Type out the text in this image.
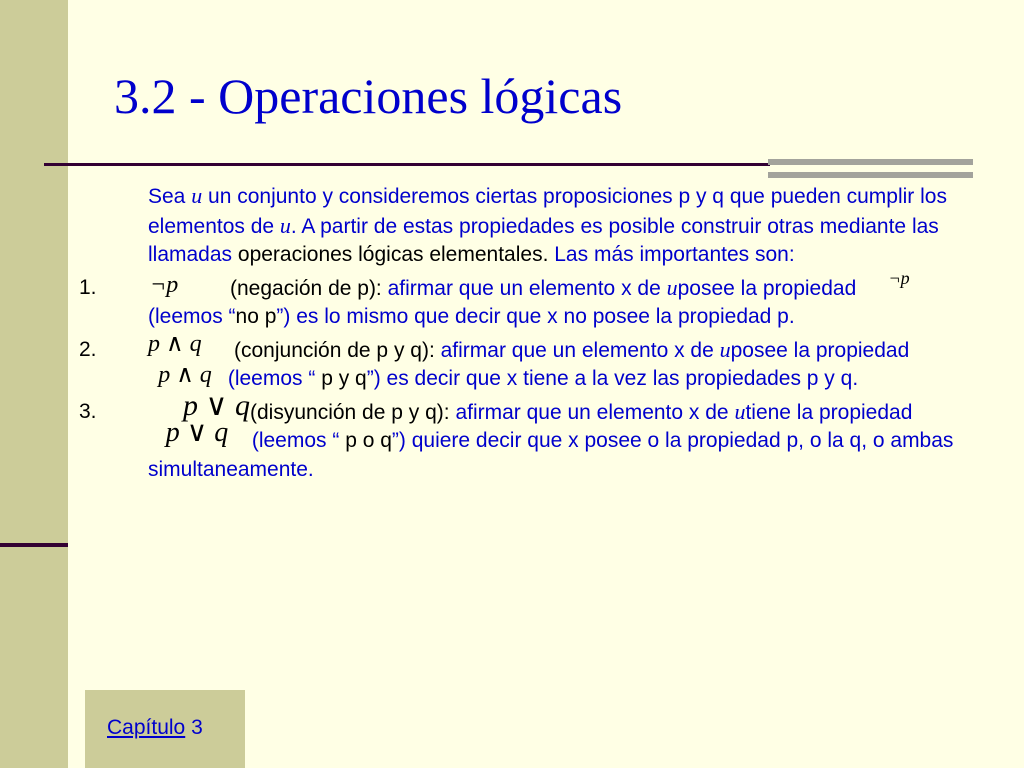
3.2 - Operaciones lógicas
Sea u un conjunto y consideremos ciertas proposiciones p y q que pueden cumplir los elementos de u. A partir de estas propiedades es posible construir otras mediante las llamadas operaciones lógicas elementales. Las más importantes son:
1. ¬p (negación de p): afirmar que un elemento x de uposee la propiedad ¬p (leemos “no p”) es lo mismo que decir que x no posee la propiedad p.
2. p ∧ q (conjunción de p y q): afirmar que un elemento x de uposee la propiedad p ∧ q (leemos “ p y q”) es decir que x tiene a la vez las propiedades p y q.
3.	p ∨ q(disyunción de p y q): afirmar que un elemento x de utiene la propiedad p ∨ q (leemos “ p o q”) quiere decir que x posee o la propiedad p, o la q, o ambas simultaneamente.
Capítulo 3
